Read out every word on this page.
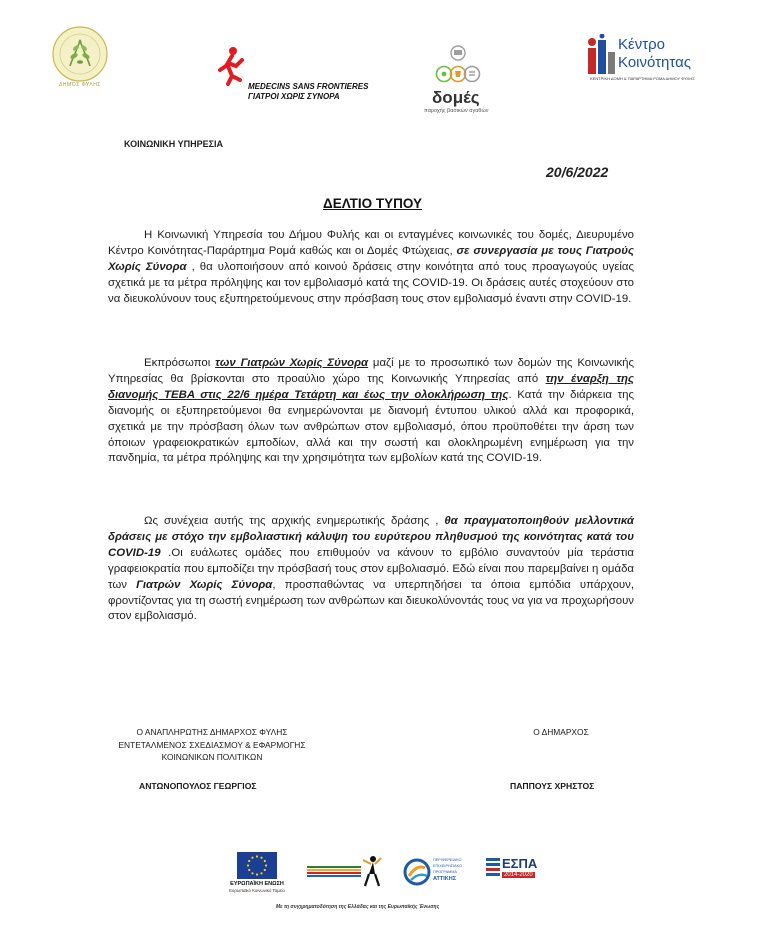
ΔΗΜΟΣ ΦΥΛΗΣ	MEDECINS SANS FRONTIERES
ΓΙΑΤΡΟΙ ΧΩΡΙΣ ΣΥΝΟΡΑ	δομές
παροχής βασικών αγαθών
Κέντρο
Κοινότητας
ΚΕΝΤΡΙΚΗ ΔΟΜΗ & ΠΑΡΑΡΤΗΜΑ ΡΟΜΑ ΔΗΜΟΥ ΦΥΛΗΣ
ΚΟΙΝΩΝΙΚΗ ΥΠΗΡΕΣΙΑ
20/6/2022
ΔΕΛΤΙΟ ΤΥΠΟΥ

Η Κοινωνική Υπηρεσία του Δήμου Φυλής και οι ενταγμένες κοινωνικές του δομές, Διευρυμένο Κέντρο Κοινότητας-Παράρτημα Ρομά καθώς και οι Δομές Φτώχειας, σε συνεργασία με τους Γιατρούς Χωρίς Σύνορα , θα υλοποιήσουν από κοινού δράσεις στην κοινότητα από τους προαγωγούς υγείας σχετικά με τα μέτρα πρόληψης και τον εμβολιασμό κατά της COVID-19. Οι δράσεις αυτές στοχεύουν στο να διευκολύνουν τους εξυπηρετούμενους στην πρόσβαση τους στον εμβολιασμό έναντι στην COVID-19.

Εκπρόσωποι των Γιατρών Χωρίς Σύνορα μαζί με το προσωπικό των δομών της Κοινωνικής Υπηρεσίας θα βρίσκονται στο προαύλιο χώρο της Κοινωνικής Υπηρεσίας από την έναρξη της διανομής ΤΕΒΑ στις 22/6 ημέρα Τετάρτη και έως την ολοκλήρωση της. Κατά την διάρκεια της διανομής οι εξυπηρετούμενοι θα ενημερώνονται με διανομή έντυπου υλικού αλλά και προφορικά, σχετικά με την πρόσβαση όλων των ανθρώπων στον εμβολιασμό, όπου προϋποθέτει την άρση των όποιων γραφειοκρατικών εμποδίων, αλλά και την σωστή και ολοκληρωμένη ενημέρωση για την πανδημία, τα μέτρα πρόληψης και την χρησιμότητα των εμβολίων κατά της COVID-19.

Ως συνέχεια αυτής της αρχικής ενημερωτικής δράσης , θα πραγματοποιηθούν μελλοντικά δράσεις με στόχο την εμβολιαστική κάλυψη του ευρύτερου πληθυσμού της κοινότητας κατά του COVID-19 .Οι ευάλωτες ομάδες που επιθυμούν να κάνουν το εμβόλιο συναντούν μία τεράστια γραφειοκρατία που εμποδίζει την πρόσβασή τους στον εμβολιασμό. Εδώ είναι που παρεμβαίνει η ομάδα των Γιατρών Χωρίς Σύνορα, προσπαθώντας να υπερπηδήσει τα όποια εμπόδια υπάρχουν, φροντίζοντας για τη σωστή ενημέρωση των ανθρώπων και διευκολύνοντάς τους να για να προχωρήσουν στον εμβολιασμό.

Ο ΑΝΑΠΛΗΡΩΤΗΣ ΔΗΜΑΡΧΟΣ ΦΥΛΗΣ
ΕΝΤΕΤΑΛΜΕΝΟΣ ΣΧΕΔΙΑΣΜΟΥ & ΕΦΑΡΜΟΓΗΣ
ΚΟΙΝΩΝΙΚΩΝ ΠΟΛΙΤΙΚΩΝ
ΑΝΤΩΝΟΠΟΥΛΟΣ ΓΕΩΡΓΙΟΣ
Ο ΔΗΜΑΡΧΟΣ
ΠΑΠΠΟΥΣ ΧΡΗΣΤΟΣ
ΕΥΡΩΠΑΪΚΗ ΕΝΩΣΗ
Ευρωπαϊκό Κοινωνικό Ταμείο
ΠΕΡΙΦΕΡΕΙΑΚΟ
ΕΠΙΧΕΙΡΗΣΙΑΚΟ
ΠΡΟΓΡΑΜΜΑ
ΑΤΤΙΚΗΣ
ΕΣΠΑ
2014-2020
Με τη συγχρηματοδότηση της Ελλάδας και της Ευρωπαϊκής Ένωσης
